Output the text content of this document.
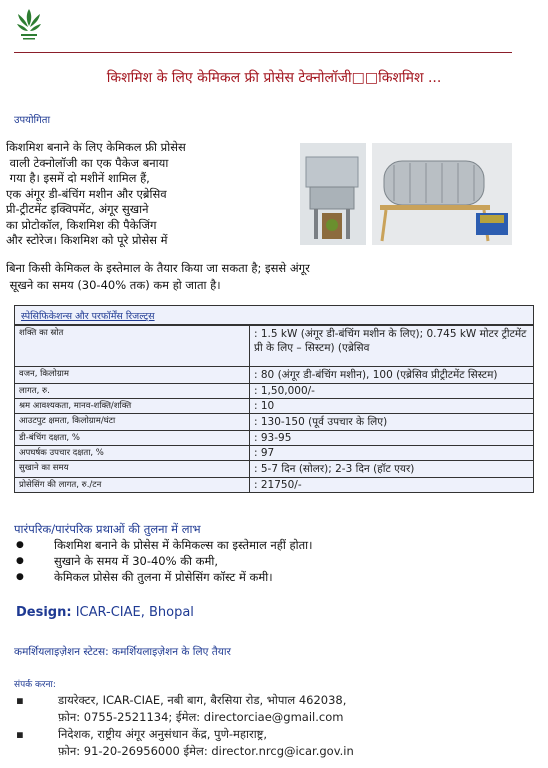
किशमिश के लिए केमिकल फ्री प्रोसेस टेक्नोलॉजी□□किशमिश ...
उपयोगिता
किशमिश बनाने के लिए केमिकल फ्री प्रोसेस
वाली टेक्नोलॉजी का एक पैकेज बनाया
गया है। इसमें दो मशीनें शामिल हैं,
एक अंगूर डी-बंचिंग मशीन और एब्रेसिव
प्री-ट्रीटमेंट इक्विपमेंट, अंगूर सुखाने
का प्रोटोकॉल, किशमिश की पैकेजिंग
और स्टोरेज। किशमिश को पूरे प्रोसेस में
बिना किसी केमिकल के इस्तेमाल के तैयार किया जा सकता है; इससे अंगूर
सूखने का समय (30-40% तक) कम हो जाता है।
स्पेसिफिकेशन्स और परफॉर्मेंस रिजल्ट्स
शक्ति का स्रोत	: 1.5 kW (अंगूर डी-बंचिंग मशीन के लिए); 0.745 kW मोटर ट्रीटमेंट प्री के लिए – सिस्टम) (एब्रेसिव
वजन, किलोग्राम	: 80 (अंगूर डी-बंचिंग मशीन), 100 (एब्रेसिव प्रीट्रीटमेंट सिस्टम)
लागत, रु.	: 1,50,000/-
श्रम आवश्यकता, मानव-शक्ति/शक्ति	: 10
आउटपुट क्षमता, किलोग्राम/घंटा	: 130-150 (पूर्व उपचार के लिए)
डी-बंचिंग दक्षता, %	: 93-95
अपघर्षक उपचार दक्षता, %	: 97
सुखाने का समय	: 5-7 दिन (सोलर); 2-3 दिन (हॉट एयर)
प्रोसेसिंग की लागत, रु./टन	: 21750/-
पारंपरिक/पारंपरिक प्रथाओं की तुलना में लाभ
● किशमिश बनाने के प्रोसेस में केमिकल्स का इस्तेमाल नहीं होता।
● सुखाने के समय में 30-40% की कमी,
● केमिकल प्रोसेस की तुलना में प्रोसेसिंग कॉस्ट में कमी।
Design: ICAR-CIAE, Bhopal
कमर्शियलाइज़ेशन स्टेटस: कमर्शियलाइज़ेशन के लिए तैयार
संपर्क करना:
▪	डायरेक्टर, ICAR-CIAE, नबी बाग, बैरसिया रोड, भोपाल 462038,
फ़ोन: 0755-2521134; ईमेल: directorciae@gmail.com
▪	निदेशक, राष्ट्रीय अंगूर अनुसंधान केंद्र, पुणे-महाराष्ट्र,
फ़ोन: 91-20-26956000 ईमेल: director.nrcg@icar.gov.in
